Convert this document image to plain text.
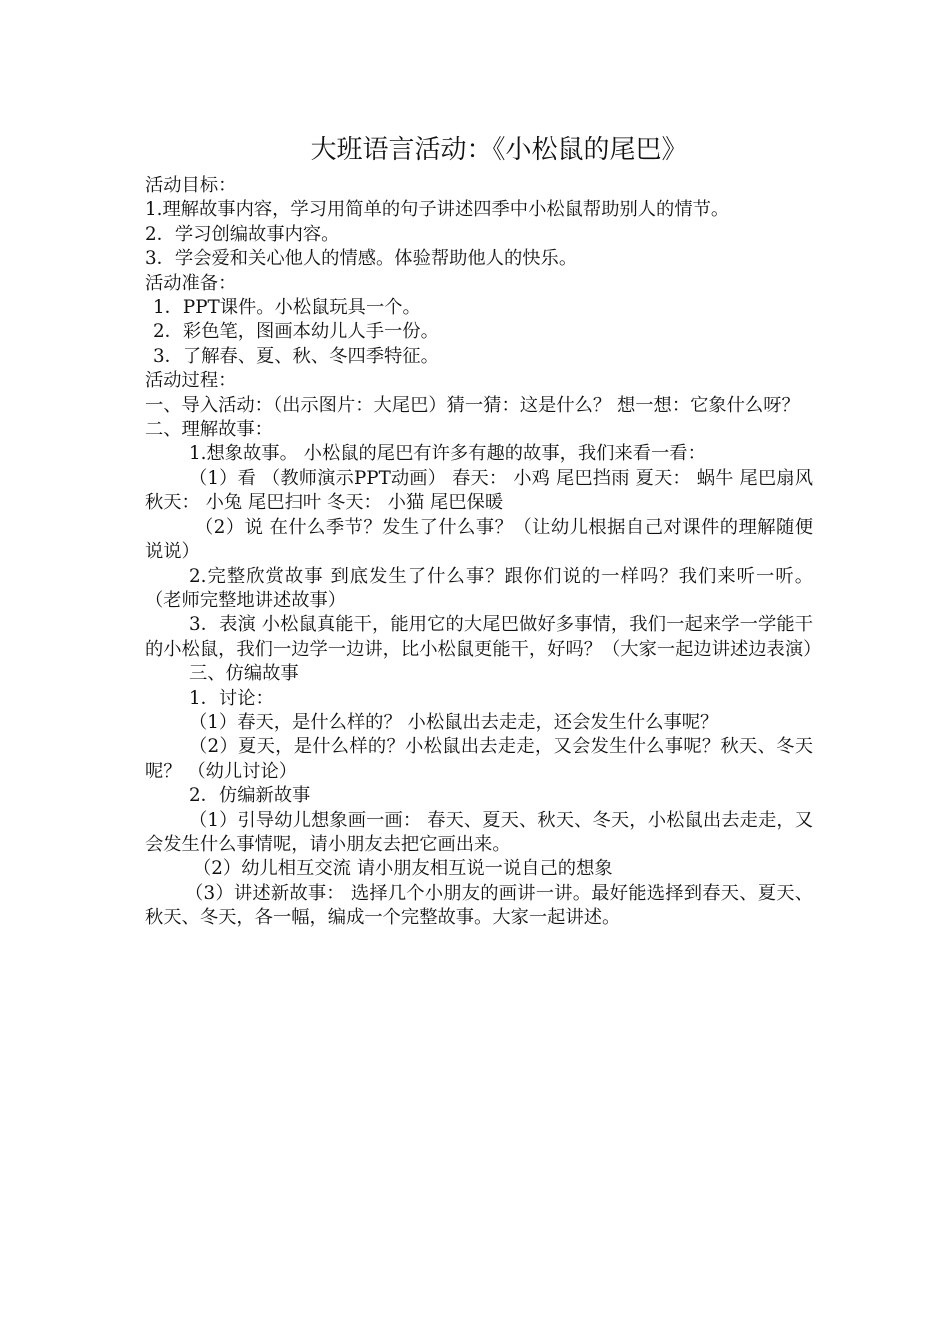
大班语言活动：《小松鼠的尾巴》

活动目标：

1.理解故事内容，学习用简单的句子讲述四季中小松鼠帮助别人的情节。

2．学习创编故事内容。

3．学会爱和关心他人的情感。体验帮助他人的快乐。

活动准备：

1．PPT课件。小松鼠玩具一个。

2．彩色笔，图画本幼儿人手一份。

3．了解春、夏、秋、冬四季特征。

活动过程：

一、导入活动：（出示图片：大尾巴）猜一猜：这是什么？ 想一想：它象什么呀？

二、理解故事：

1.想象故事。 小松鼠的尾巴有许多有趣的故事，我们来看一看：

（1）看 （教师演示PPT动画） 春天： 小鸡 尾巴挡雨 夏天： 蜗牛 尾巴扇风 秋天： 小兔 尾巴扫叶 冬天： 小猫 尾巴保暖

（2）说 在什么季节？发生了什么事？（让幼儿根据自己对课件的理解随便说说）

2.完整欣赏故事 到底发生了什么事？跟你们说的一样吗？我们来听一听。 （老师完整地讲述故事）

3．表演 小松鼠真能干，能用它的大尾巴做好多事情，我们一起来学一学能干的小松鼠，我们一边学一边讲，比小松鼠更能干，好吗？（大家一起边讲述边表演）

三、仿编故事

1．讨论：

（1）春天，是什么样的？ 小松鼠出去走走，还会发生什么事呢？

（2）夏天，是什么样的？小松鼠出去走走，又会发生什么事呢？秋天、冬天呢？ （幼儿讨论）

2．仿编新故事

（1）引导幼儿想象画一画： 春天、夏天、秋天、冬天，小松鼠出去走走，又会发生什么事情呢，请小朋友去把它画出来。

（2）幼儿相互交流 请小朋友相互说一说自己的想象

（3）讲述新故事： 选择几个小朋友的画讲一讲。最好能选择到春天、夏天、秋天、冬天，各一幅，编成一个完整故事。大家一起讲述。
